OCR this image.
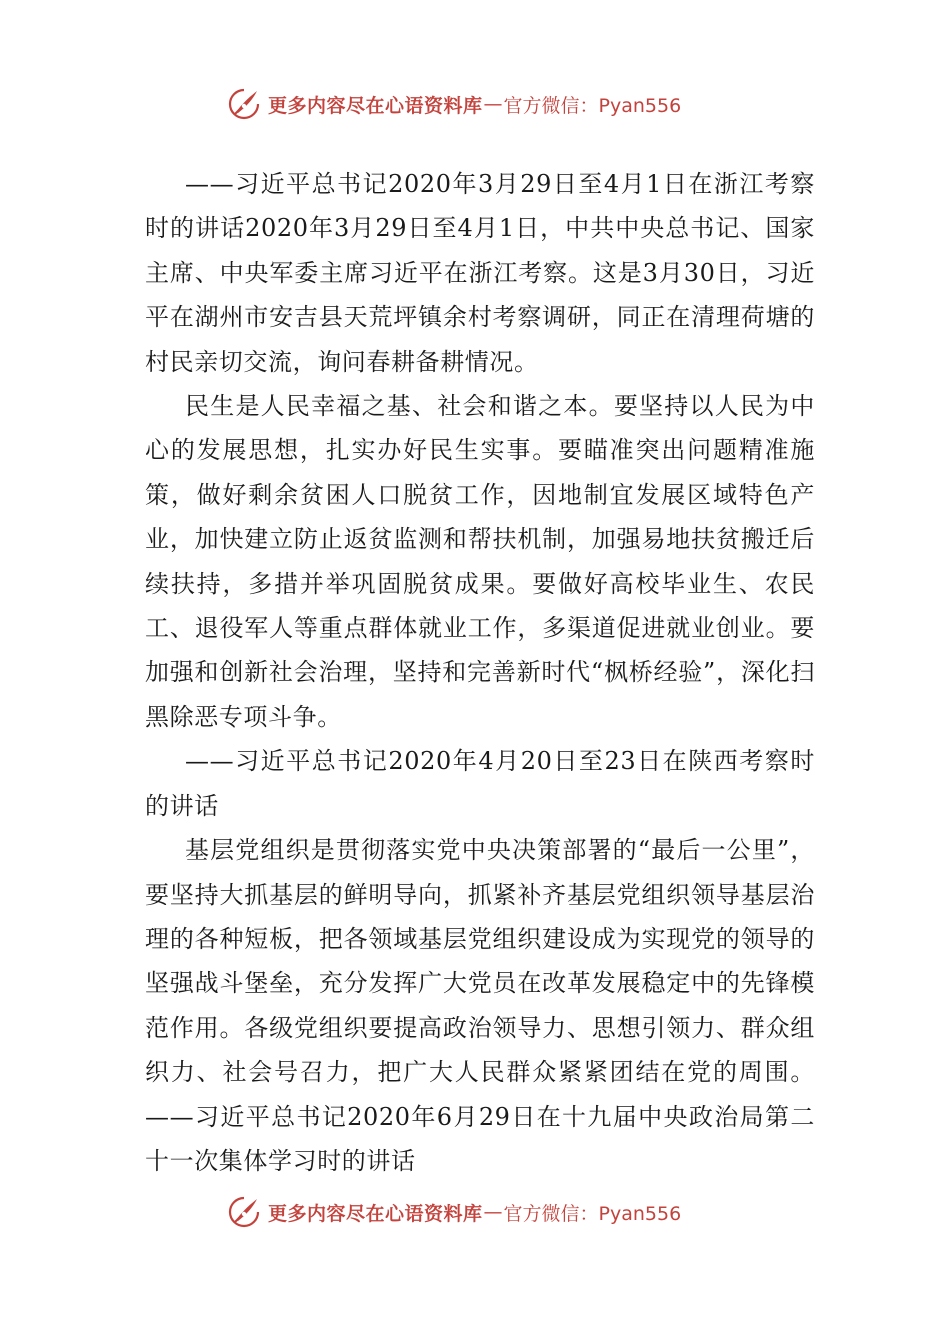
更多内容尽在心语资料库 — 官方微信：Pyan556

——习近平总书记2020年3月29日至4月1日在浙江考察时的讲话2020年3月29日至4月1日，中共中央总书记、国家主席、中央军委主席习近平在浙江考察。这是3月30日，习近平在湖州市安吉县天荒坪镇余村考察调研，同正在清理荷塘的村民亲切交流，询问春耕备耕情况。

民生是人民幸福之基、社会和谐之本。要坚持以人民为中心的发展思想，扎实办好民生实事。要瞄准突出问题精准施策，做好剩余贫困人口脱贫工作，因地制宜发展区域特色产业，加快建立防止返贫监测和帮扶机制，加强易地扶贫搬迁后续扶持，多措并举巩固脱贫成果。要做好高校毕业生、农民工、退役军人等重点群体就业工作，多渠道促进就业创业。要加强和创新社会治理，坚持和完善新时代“枫桥经验”，深化扫黑除恶专项斗争。

——习近平总书记2020年4月20日至23日在陕西考察时的讲话

基层党组织是贯彻落实党中央决策部署的“最后一公里”，要坚持大抓基层的鲜明导向，抓紧补齐基层党组织领导基层治理的各种短板，把各领域基层党组织建设成为实现党的领导的坚强战斗堡垒，充分发挥广大党员在改革发展稳定中的先锋模范作用。各级党组织要提高政治领导力、思想引领力、群众组织力、社会号召力，把广大人民群众紧紧团结在党的周围。——习近平总书记2020年6月29日在十九届中央政治局第二十一次集体学习时的讲话

更多内容尽在心语资料库 — 官方微信：Pyan556
